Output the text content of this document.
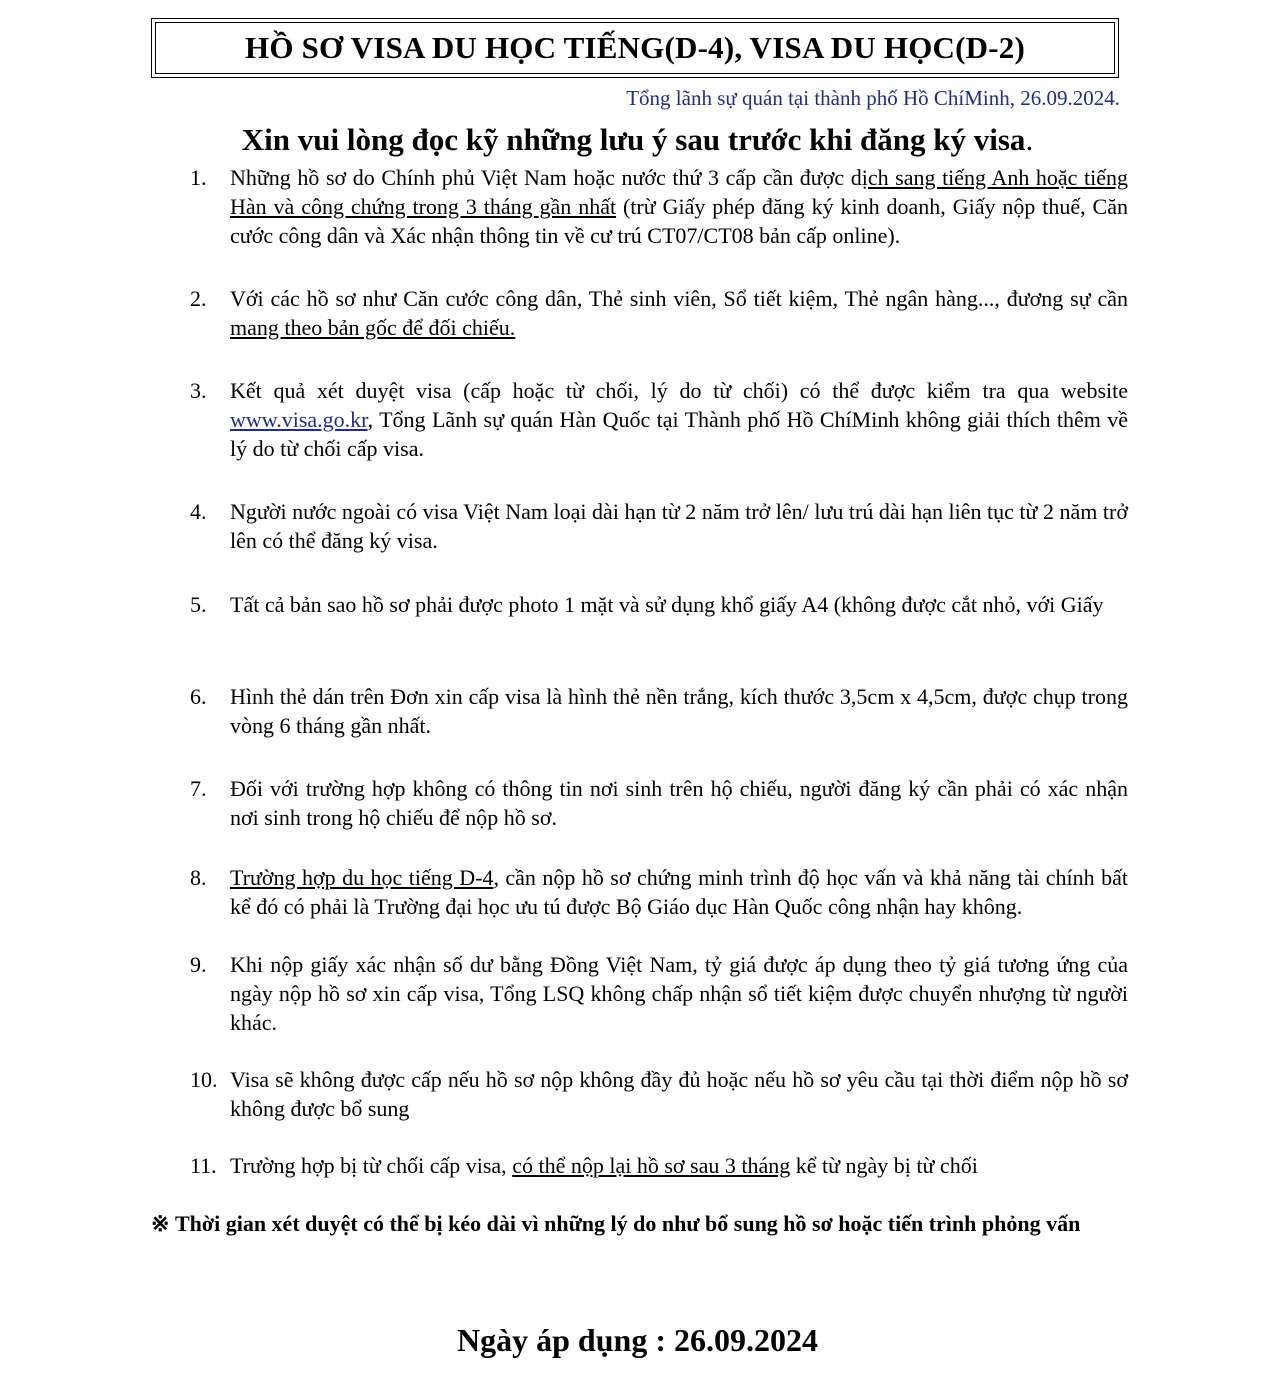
HỒ SƠ VISA DU HỌC TIẾNG(D-4), VISA DU HỌC(D-2)
Tổng lãnh sự quán tại thành phố Hồ ChíMinh, 26.09.2024.
Xin vui lòng đọc kỹ những lưu ý sau trước khi đăng ký visa.
1.	Những hồ sơ do Chính phủ Việt Nam hoặc nước thứ 3 cấp cần được dịch sang tiếng Anh hoặc tiếng Hàn và công chứng trong 3 tháng gần nhất (trừ Giấy phép đăng ký kinh doanh, Giấy nộp thuế, Căn cước công dân và Xác nhận thông tin về cư trú CT07/CT08 bản cấp online).
2.	Với các hồ sơ như Căn cước công dân, Thẻ sinh viên, Sổ tiết kiệm, Thẻ ngân hàng..., đương sự cần mang theo bản gốc để đối chiếu.
3.	Kết quả xét duyệt visa (cấp hoặc từ chối, lý do từ chối) có thể được kiểm tra qua website www.visa.go.kr, Tổng Lãnh sự quán Hàn Quốc tại Thành phố Hồ ChíMinh không giải thích thêm về lý do từ chối cấp visa.
4.	Người nước ngoài có visa Việt Nam loại dài hạn từ 2 năm trở lên/ lưu trú dài hạn liên tục từ 2 năm trở lên có thể đăng ký visa.
5.	Tất cả bản sao hồ sơ phải được photo 1 mặt và sử dụng khổ giấy A4 (không được cắt nhỏ, với Giấy
6.	Hình thẻ dán trên Đơn xin cấp visa là hình thẻ nền trắng, kích thước 3,5cm x 4,5cm, được chụp trong vòng 6 tháng gần nhất.
7.	Đối với trường hợp không có thông tin nơi sinh trên hộ chiếu, người đăng ký cần phải có xác nhận nơi sinh trong hộ chiếu để nộp hồ sơ.
8.	Trường hợp du học tiếng D-4, cần nộp hồ sơ chứng minh trình độ học vấn và khả năng tài chính bất kể đó có phải là Trường đại học ưu tú được Bộ Giáo dục Hàn Quốc công nhận hay không.
9.	Khi nộp giấy xác nhận số dư bằng Đồng Việt Nam, tỷ giá được áp dụng theo tỷ giá tương ứng của ngày nộp hồ sơ xin cấp visa, Tổng LSQ không chấp nhận sổ tiết kiệm được chuyển nhượng từ người khác.
10. Visa sẽ không được cấp nếu hồ sơ nộp không đầy đủ hoặc nếu hồ sơ yêu cầu tại thời điểm nộp hồ sơ không được bổ sung
11. Trường hợp bị từ chối cấp visa, có thể nộp lại hồ sơ sau 3 tháng kể từ ngày bị từ chối
※ Thời gian xét duyệt có thể bị kéo dài vì những lý do như bổ sung hồ sơ hoặc tiến trình phỏng vấn
Ngày áp dụng : 26.09.2024
